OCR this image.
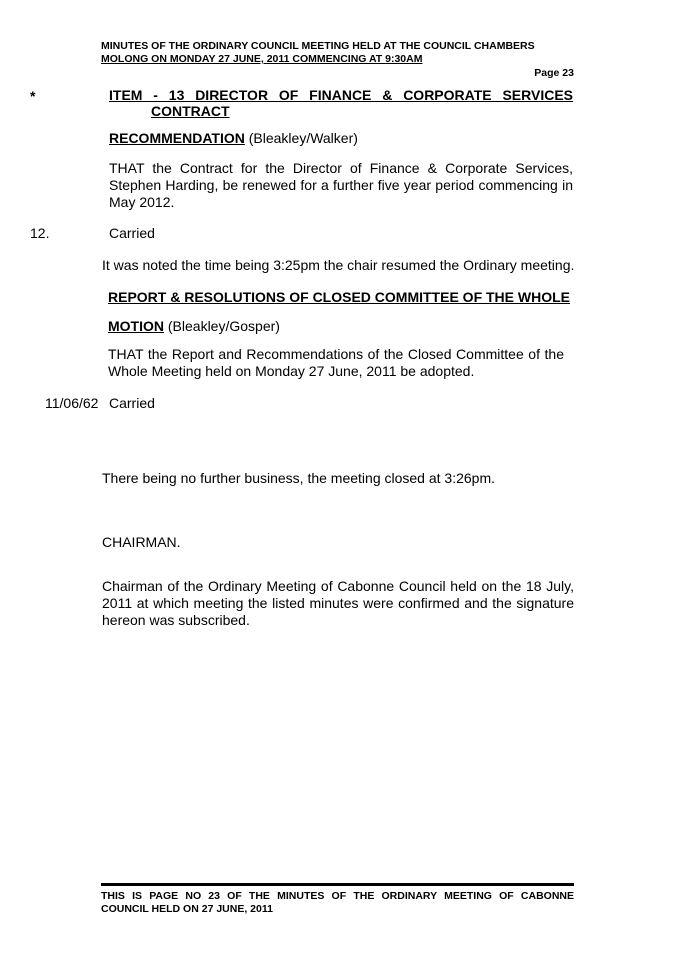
MINUTES OF THE ORDINARY COUNCIL MEETING HELD AT THE COUNCIL CHAMBERS
MOLONG ON MONDAY 27 JUNE, 2011 COMMENCING AT 9:30AM
Page 23
*	ITEM - 13 DIRECTOR OF FINANCE & CORPORATE SERVICES
CONTRACT
RECOMMENDATION (Bleakley/Walker)
THAT the Contract for the Director of Finance & Corporate Services,
Stephen Harding, be renewed for a further five year period commencing in
May 2012.
12.	Carried
It was noted the time being 3:25pm the chair resumed the Ordinary meeting.
REPORT & RESOLUTIONS OF CLOSED COMMITTEE OF THE WHOLE
MOTION (Bleakley/Gosper)
THAT the Report and Recommendations of the Closed Committee of the
Whole Meeting held on Monday 27 June, 2011 be adopted.
11/06/62 Carried
There being no further business, the meeting closed at 3:26pm.
CHAIRMAN.
Chairman of the Ordinary Meeting of Cabonne Council held on the 18 July,
2011 at which meeting the listed minutes were confirmed and the signature
hereon was subscribed.
THIS IS PAGE NO 23 OF THE MINUTES OF THE ORDINARY MEETING OF CABONNE
COUNCIL HELD ON 27 JUNE, 2011
